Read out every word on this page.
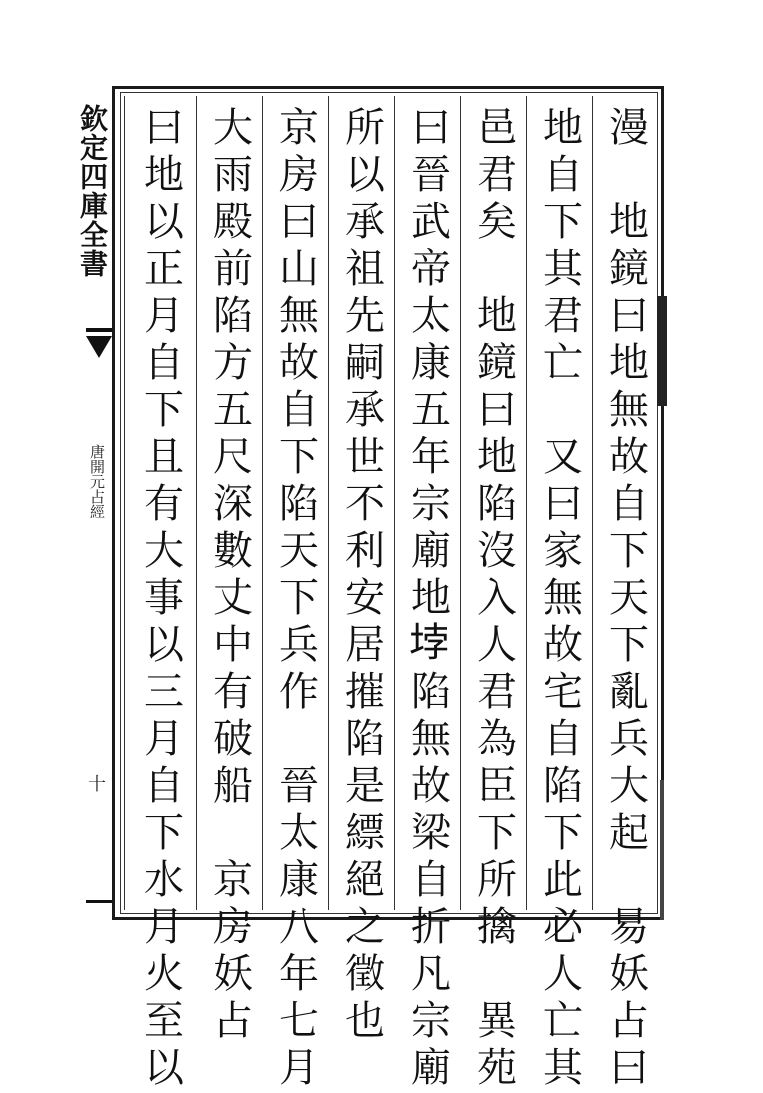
欽定四庫全書
唐開元占經
十	漫　地鏡曰地無故自下天下亂兵大起　易妖占曰
地自下其君亡　又曰家無故宅自陷下此必人亡其
邑君矣　地鏡曰地陷沒入人君為臣下所擒　異苑
曰晉武帝太康五年宗廟地𡋯陷無故梁自折凡宗廟
所以承祖先嗣承世不利安居摧陷是縹絕之徵也
京房曰山無故自下陷天下兵作　晉太康八年七月
大雨殿前陷方五尺深數丈中有破船　京房妖占
曰地以正月自下且有大事以三月自下水月火至以
